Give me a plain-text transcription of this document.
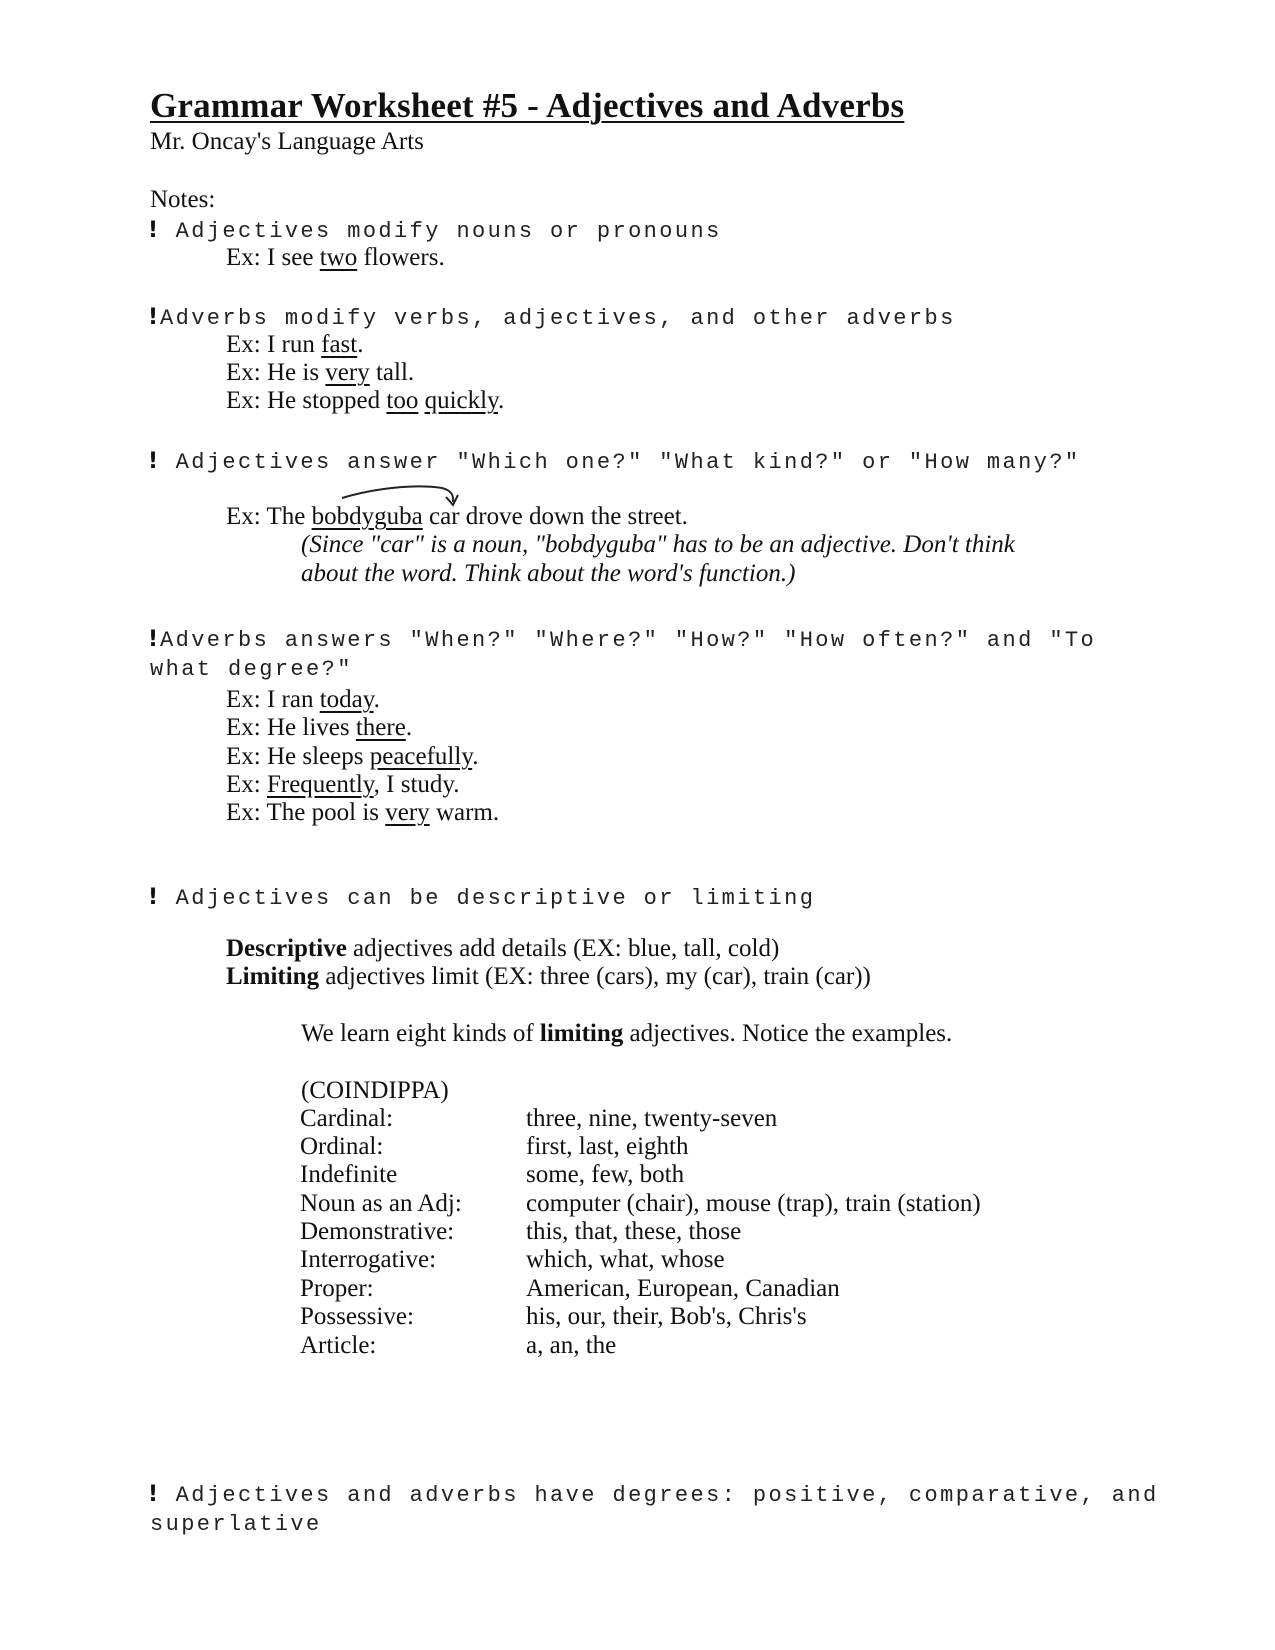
Grammar Worksheet #5 - Adjectives and Adverbs
Mr. Oncay's Language Arts
Notes:
! Adjectives modify nouns or pronouns
Ex: I see two flowers.
!Adverbs modify verbs, adjectives, and other adverbs
Ex: I run fast.
Ex: He is very tall.
Ex: He stopped too quickly.
! Adjectives answer "Which one?" "What kind?" or "How many?"
Ex: The bobdyguba car drove down the street.
(Since "car" is a noun, "bobdyguba" has to be an adjective. Don't think
about the word. Think about the word's function.)
!Adverbs answers "When?" "Where?" "How?" "How often?" and "To
what degree?"
Ex: I ran today.
Ex: He lives there.
Ex: He sleeps peacefully.
Ex: Frequently, I study.
Ex: The pool is very warm.
! Adjectives can be descriptive or limiting
Descriptive adjectives add details (EX: blue, tall, cold)
Limiting adjectives limit (EX: three (cars), my (car), train (car))
We learn eight kinds of limiting adjectives. Notice the examples.
(COINDIPPA)
Cardinal:	three, nine, twenty-seven
Ordinal:	first, last, eighth
Indefinite	some, few, both
Noun as an Adj:	computer (chair), mouse (trap), train (station)
Demonstrative:	this, that, these, those
Interrogative:	which, what, whose
Proper:	American, European, Canadian
Possessive:	his, our, their, Bob's, Chris's
Article:	a, an, the
! Adjectives and adverbs have degrees: positive, comparative, and
superlative
